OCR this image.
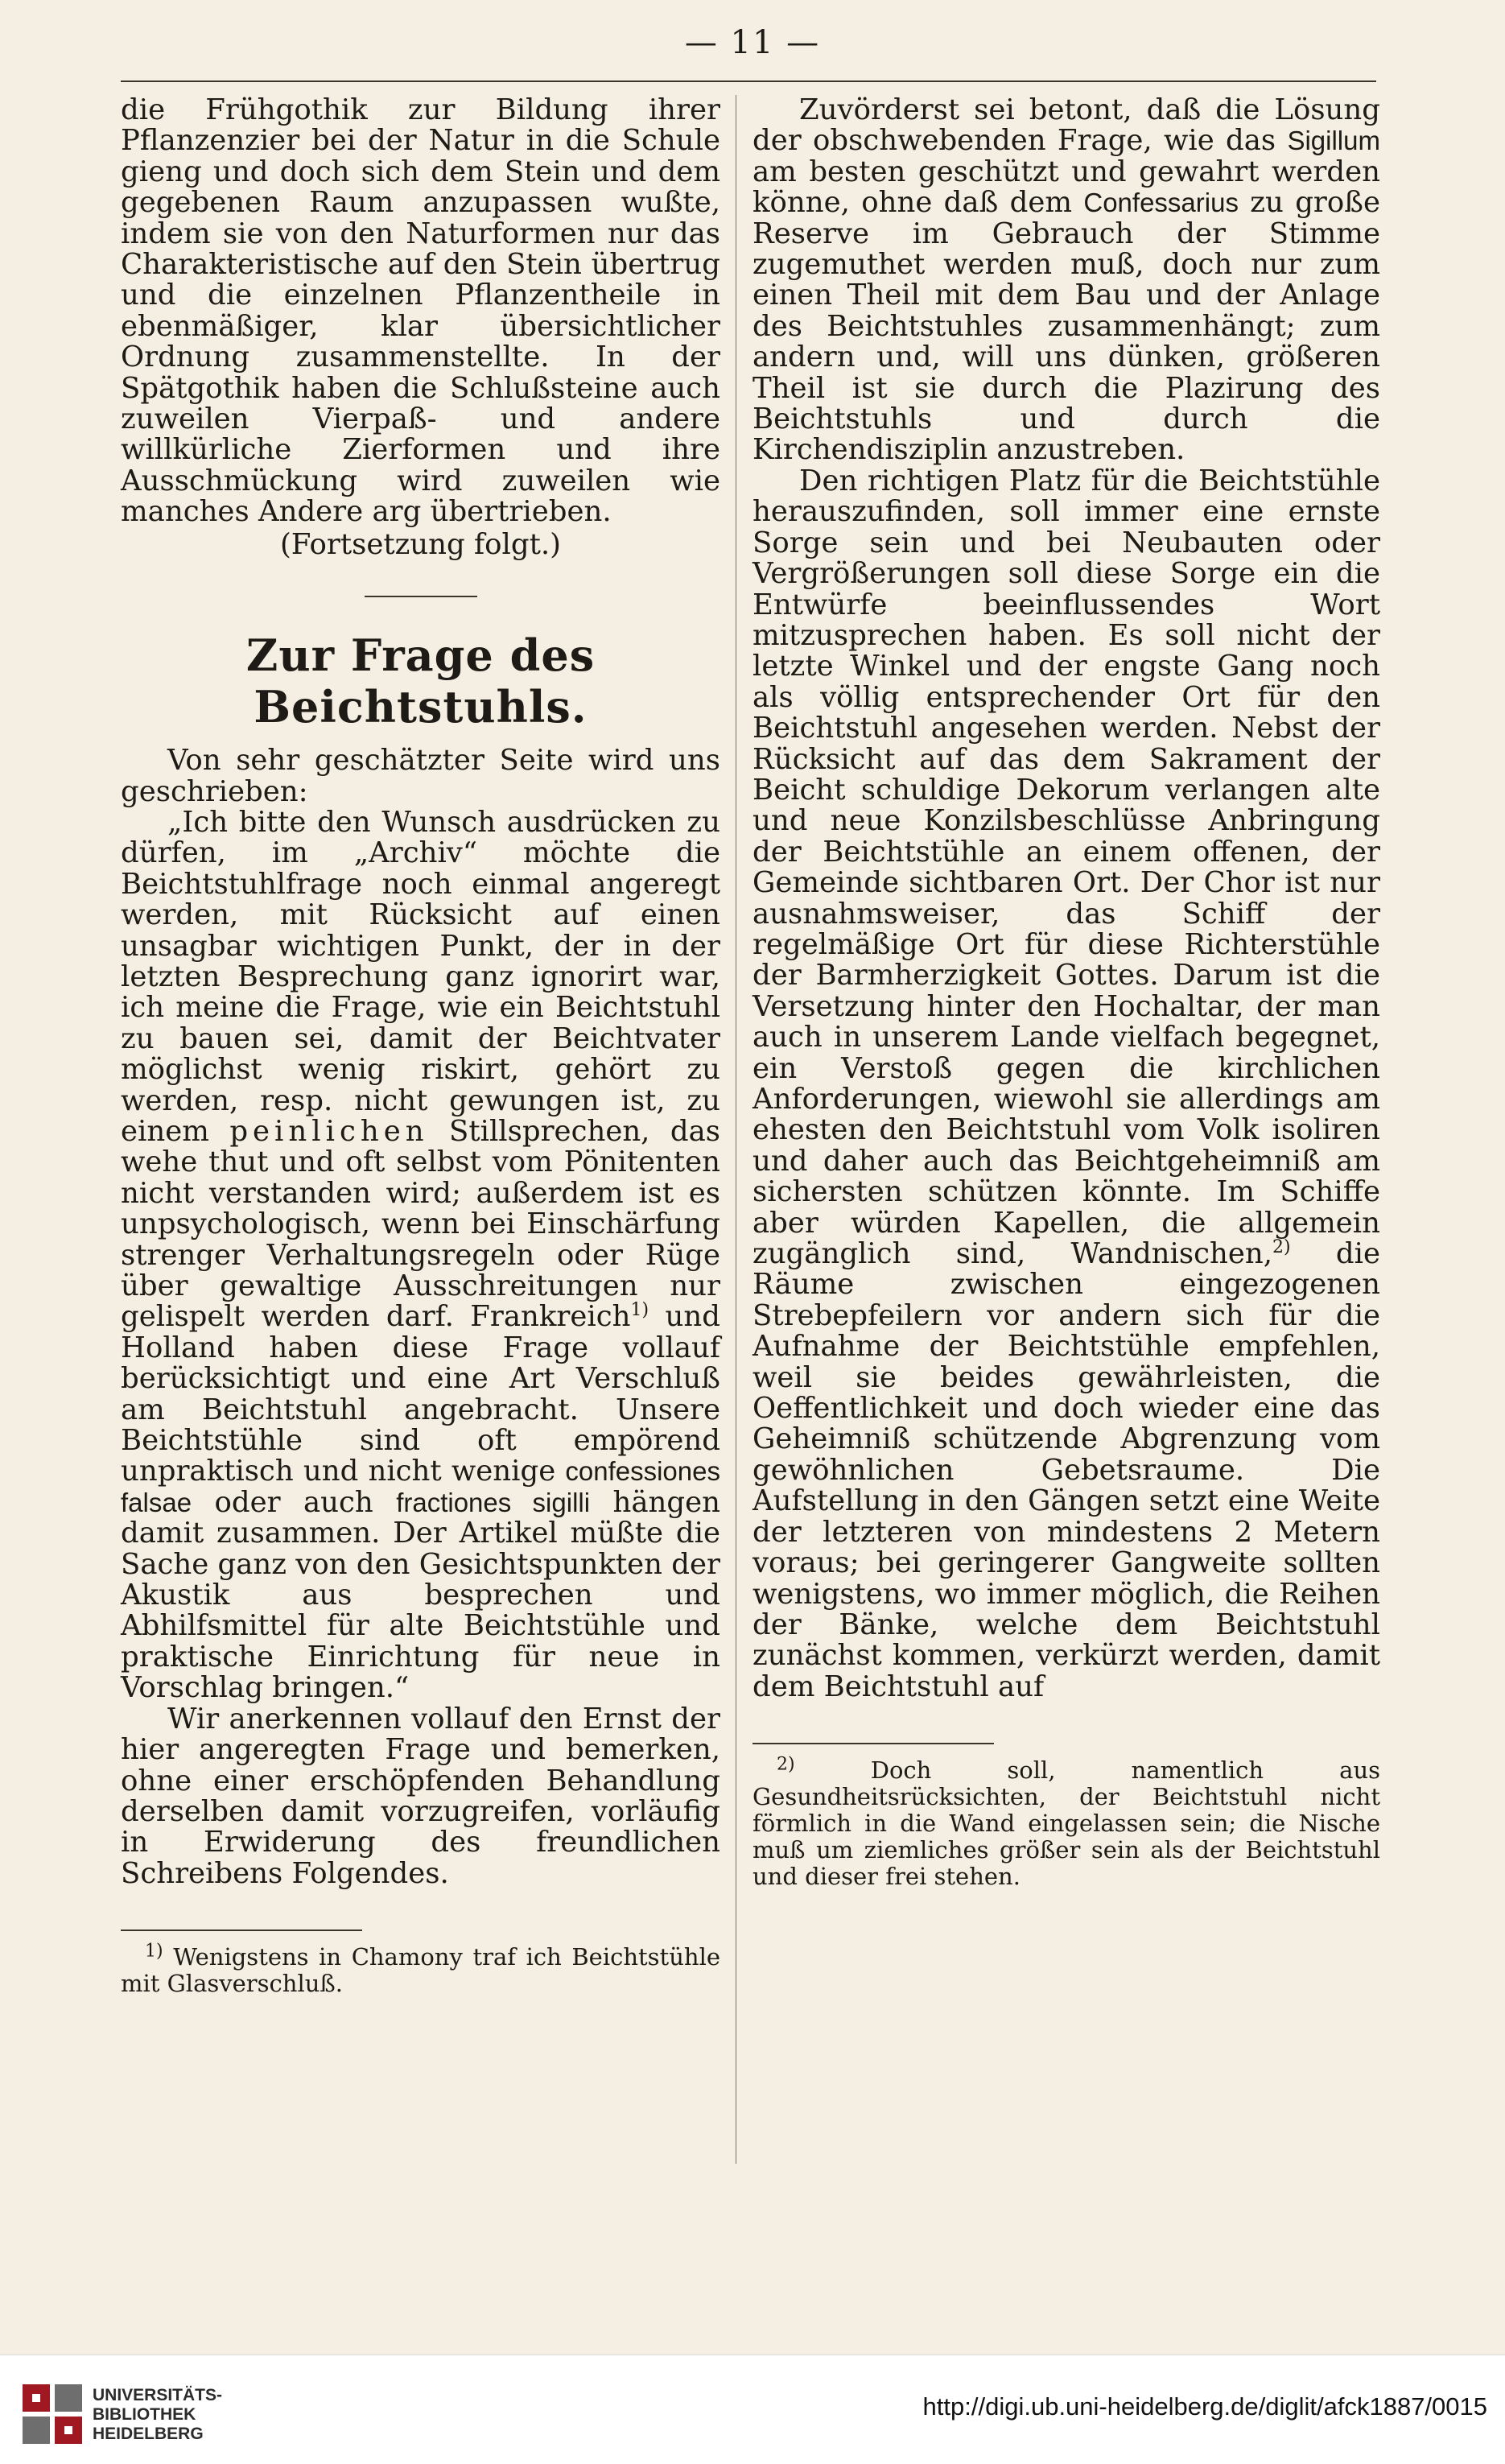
— 11 —

die Frühgothik zur Bildung ihrer Pflanzenzier bei der Natur in die Schule gieng und doch sich dem Stein und dem gegebenen Raum anzupassen wußte, indem sie von den Naturformen nur das Charakteristische auf den Stein übertrug und die einzelnen Pflanzentheile in ebenmäßiger, klar übersichtlicher Ordnung zusammenstellte. In der Spätgothik haben die Schlußsteine auch zuweilen Vierpaß- und andere willkürliche Zierformen und ihre Ausschmückung wird zuweilen wie manches Andere arg übertrieben.

(Fortsetzung folgt.)

Zur Frage des Beichtstuhls.

Von sehr geschätzter Seite wird uns geschrieben:

„Ich bitte den Wunsch ausdrücken zu dürfen, im „Archiv“ möchte die Beichtstuhlfrage noch einmal angeregt werden, mit Rücksicht auf einen unsagbar wichtigen Punkt, der in der letzten Besprechung ganz ignorirt war, ich meine die Frage, wie ein Beichtstuhl zu bauen sei, damit der Beichtvater möglichst wenig riskirt, gehört zu werden, resp. nicht gewungen ist, zu einem peinlichen Stillsprechen, das wehe thut und oft selbst vom Pönitenten nicht verstanden wird; außerdem ist es unpsychologisch, wenn bei Einschärfung strenger Verhaltungsregeln oder Rüge über gewaltige Ausschreitungen nur gelispelt werden darf. Frankreich$^{1)}$ und Holland haben diese Frage vollauf berücksichtigt und eine Art Verschluß am Beichtstuhl angebracht. Unsere Beichtstühle sind oft empörend unpraktisch und nicht wenige confessiones falsae oder auch fractiones sigilli hängen damit zusammen. Der Artikel müßte die Sache ganz von den Gesichtspunkten der Akustik aus besprechen und Abhilfsmittel für alte Beichtstühle und praktische Einrichtung für neue in Vorschlag bringen.“

Wir anerkennen vollauf den Ernst der hier angeregten Frage und bemerken, ohne einer erschöpfenden Behandlung derselben damit vorzugreifen, vorläufig in Erwiderung des freundlichen Schreibens Folgendes.

$^{1)}$ Wenigstens in Chamony traf ich Beichtstühle mit Glasverschluß.

Zuvörderst sei betont, daß die Lösung der obschwebenden Frage, wie das Sigillum am besten geschützt und gewahrt werden könne, ohne daß dem Confessarius zu große Reserve im Gebrauch der Stimme zugemuthet werden muß, doch nur zum einen Theil mit dem Bau und der Anlage des Beichtstuhles zusammenhängt; zum andern und, will uns dünken, größeren Theil ist sie durch die Plazirung des Beichtstuhls und durch die Kirchendisziplin anzustreben.

Den richtigen Platz für die Beichtstühle herauszufinden, soll immer eine ernste Sorge sein und bei Neubauten oder Vergrößerungen soll diese Sorge ein die Entwürfe beeinflussendes Wort mitzusprechen haben. Es soll nicht der letzte Winkel und der engste Gang noch als völlig entsprechender Ort für den Beichtstuhl angesehen werden. Nebst der Rücksicht auf das dem Sakrament der Beicht schuldige Dekorum verlangen alte und neue Konzilsbeschlüsse Anbringung der Beichtstühle an einem offenen, der Gemeinde sichtbaren Ort. Der Chor ist nur ausnahmsweiser, das Schiff der regelmäßige Ort für diese Richterstühle der Barmherzigkeit Gottes. Darum ist die Versetzung hinter den Hochaltar, der man auch in unserem Lande vielfach begegnet, ein Verstoß gegen die kirchlichen Anforderungen, wiewohl sie allerdings am ehesten den Beichtstuhl vom Volk isoliren und daher auch das Beichtgeheimniß am sichersten schützen könnte. Im Schiffe aber würden Kapellen, die allgemein zugänglich sind, Wandnischen,$^{2)}$ die Räume zwischen eingezogenen Strebepfeilern vor andern sich für die Aufnahme der Beichtstühle empfehlen, weil sie beides gewährleisten, die Oeffentlichkeit und doch wieder eine das Geheimniß schützende Abgrenzung vom gewöhnlichen Gebetsraume. Die Aufstellung in den Gängen setzt eine Weite der letzteren von mindestens 2 Metern voraus; bei geringerer Gangweite sollten wenigstens, wo immer möglich, die Reihen der Bänke, welche dem Beichtstuhl zunächst kommen, verkürzt werden, damit dem Beichtstuhl auf

$^{2)}$	Doch soll, namentlich aus Gesundheitsrücksichten, der Beichtstuhl nicht förmlich in die Wand eingelassen sein; die Nische muß um ziemliches größer sein als der Beichtstuhl und dieser frei stehen.

UNIVERSITÄTS-
BIBLIOTHEK
HEIDELBERG
http://digi.ub.uni-heidelberg.de/diglit/afck1887/0015
